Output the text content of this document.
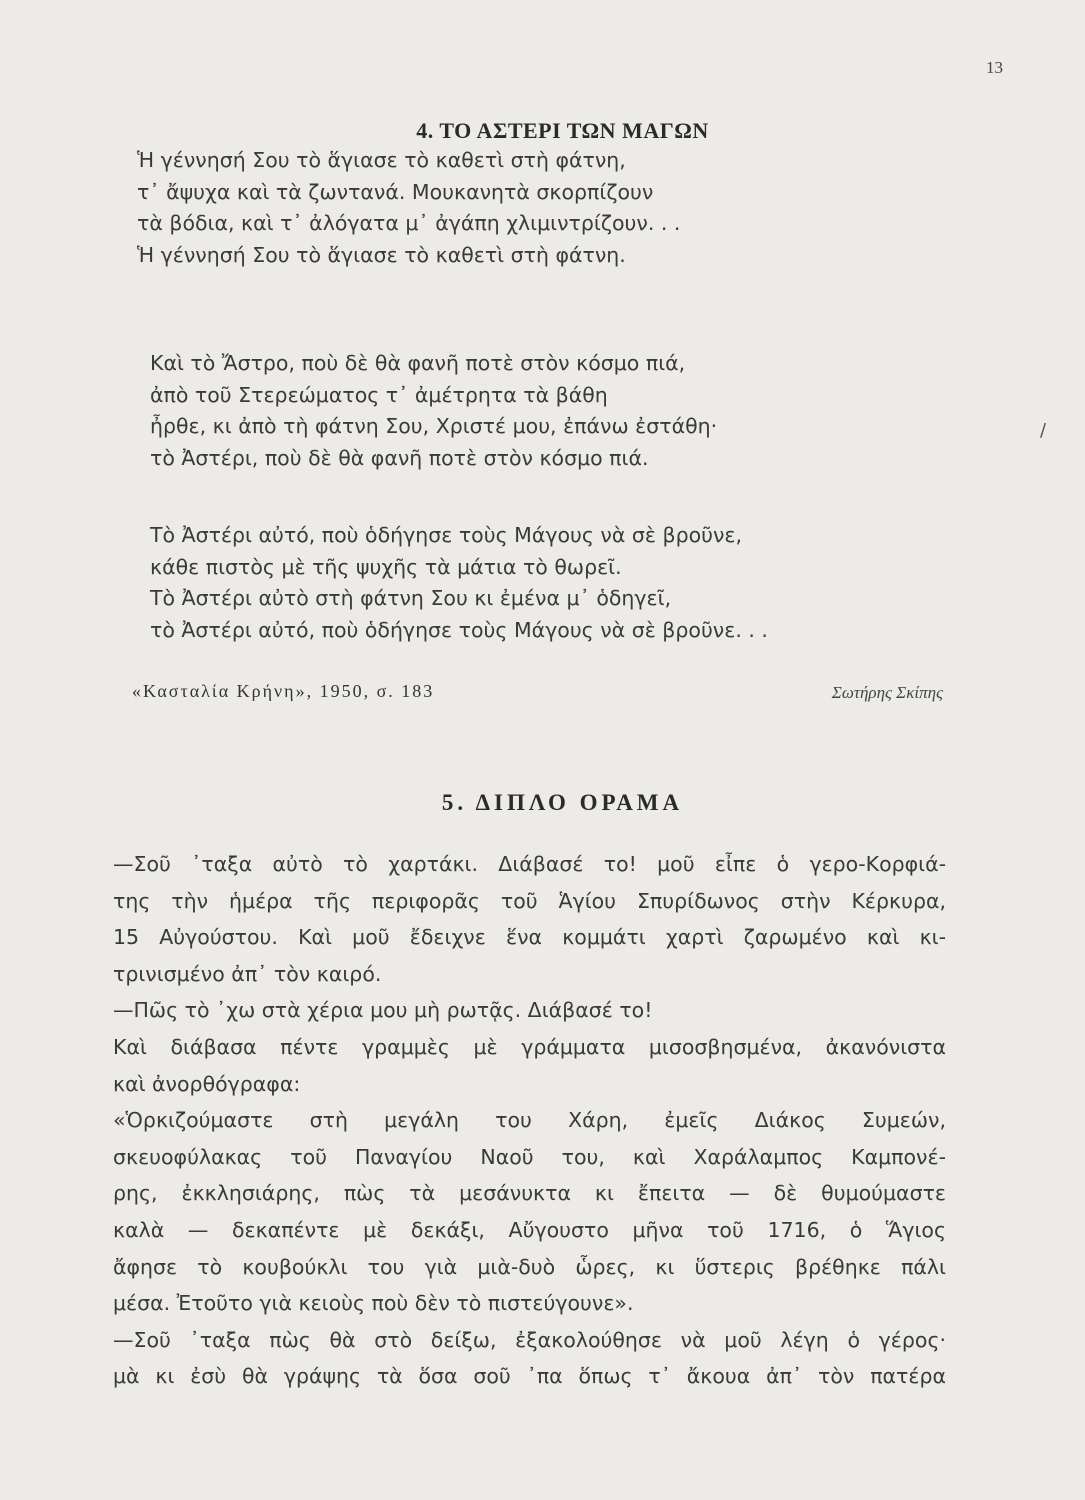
13
4. ΤΟ ΑΣΤΕΡΙ ΤΩΝ ΜΑΓΩΝ
Ἡ γέννησή Σου τὸ ἅγιασε τὸ καθετὶ στὴ φάτνη,
τ᾽ ἄψυχα καὶ τὰ ζωντανά. Μουκανητὰ σκορπίζουν
τὰ βόδια, καὶ τ᾽ ἀλόγατα μ᾽ ἀγάπη χλιμιντρίζουν. . .
Ἡ γέννησή Σου τὸ ἅγιασε τὸ καθετὶ στὴ φάτνη.
Καὶ τὸ Ἄστρο, ποὺ δὲ θὰ φανῆ ποτὲ στὸν κόσμο πιά,
ἀπὸ τοῦ Στερεώματος τ᾽ ἀμέτρητα τὰ βάθη
ἦρθε, κι ἀπὸ τὴ φάτνη Σου, Χριστέ μου, ἐπάνω ἐστάθη·
τὸ Ἀστέρι, ποὺ δὲ θὰ φανῆ ποτὲ στὸν κόσμο πιά.
Τὸ Ἀστέρι αὐτό, ποὺ ὁδήγησε τοὺς Μάγους νὰ σὲ βροῦνε,
κάθε πιστὸς μὲ τῆς ψυχῆς τὰ μάτια τὸ θωρεῖ.
Τὸ Ἀστέρι αὐτὸ στὴ φάτνη Σου κι ἐμένα μ᾽ ὁδηγεῖ,
τὸ Ἀστέρι αὐτό, ποὺ ὁδήγησε τοὺς Μάγους νὰ σὲ βροῦνε. . .
«Κασταλία Κρήνη», 1950, σ. 183	Σωτήρης Σκίπης
/
5. ΔΙΠΛΟ ΟΡΑΜΑ
—Σοῦ ᾽ταξα αὐτὸ τὸ χαρτάκι. Διάβασέ το! μοῦ εἶπε ὁ γερο-Κορφιά-
της τὴν ἡμέρα τῆς περιφορᾶς τοῦ Ἁγίου Σπυρίδωνος στὴν Κέρκυρα,
15 Αὐγούστου. Καὶ μοῦ ἔδειχνε ἕνα κομμάτι χαρτὶ ζαρωμένο καὶ κι-
τρινισμένο ἀπ᾽ τὸν καιρό.
—Πῶς τὸ ᾽χω στὰ χέρια μου μὴ ρωτᾷς. Διάβασέ το!
Καὶ διάβασα πέντε γραμμὲς μὲ γράμματα μισοσβησμένα, ἀκανόνιστα
καὶ ἀνορθόγραφα:
«Ὁρκιζούμαστε στὴ μεγάλη του Χάρη, ἐμεῖς Διάκος Συμεών,
σκευοφύλακας τοῦ Παναγίου Ναοῦ του, καὶ Χαράλαμπος Καμπονέ-
ρης, ἐκκλησιάρης, πὼς τὰ μεσάνυκτα κι ἔπειτα — δὲ θυμούμαστε
καλὰ — δεκαπέντε μὲ δεκάξι, Αὔγουστο μῆνα τοῦ 1716, ὁ Ἅγιος
ἄφησε τὸ κουβούκλι του γιὰ μιὰ-δυὸ ὧρες, κι ὕστερις βρέθηκε πάλι
μέσα. Ἐτοῦτο γιὰ κειοὺς ποὺ δὲν τὸ πιστεύγουνε».
—Σοῦ ᾽ταξα πὼς θὰ στὸ δείξω, ἐξακολούθησε νὰ μοῦ λέγη ὁ γέρος·
μὰ κι ἐσὺ θὰ γράψης τὰ ὅσα σοῦ ᾽πα ὅπως τ᾽ ἄκουα ἀπ᾽ τὸν πατέρα
